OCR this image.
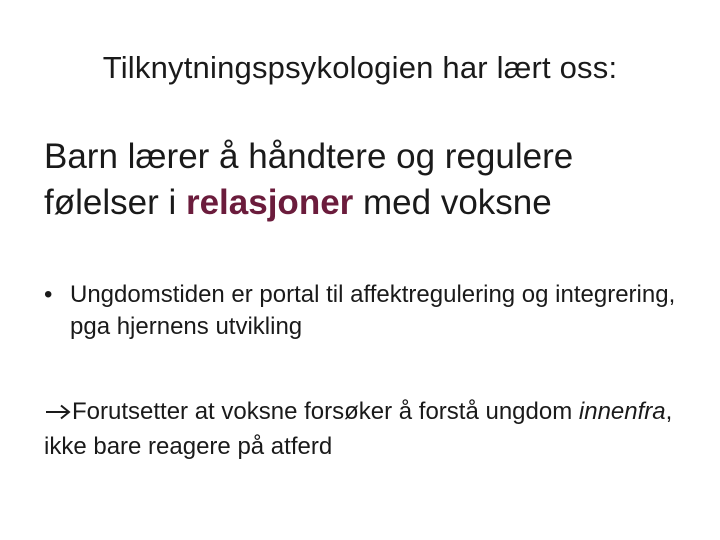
Tilknytningspsykologien har lært oss:
Barn lærer å håndtere og regulere følelser i relasjoner med voksne
• Ungdomstiden er portal til affektregulering og integrering, pga hjernens utvikling
Forutsetter at voksne forsøker å forstå ungdom innenfra, ikke bare reagere på atferd
